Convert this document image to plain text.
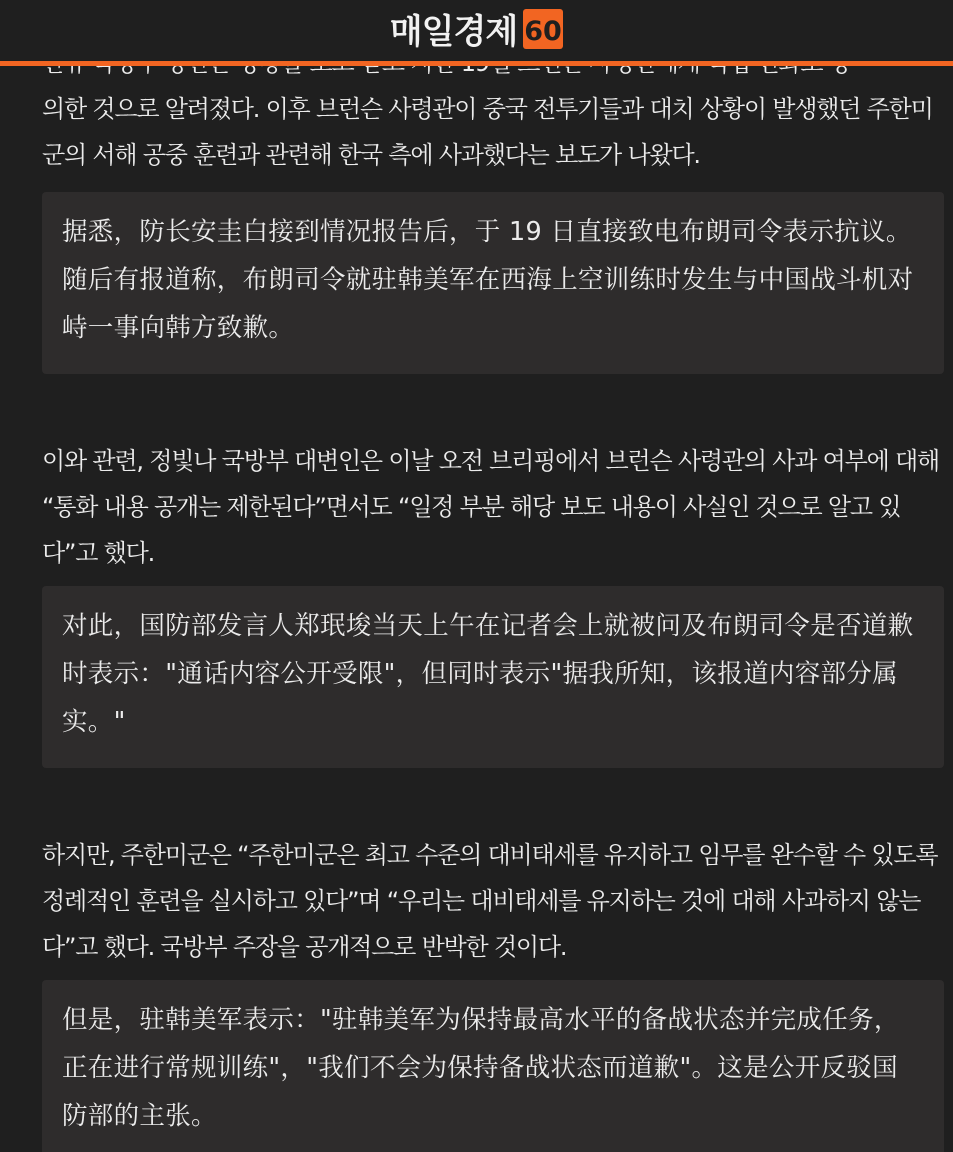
매일경제 60

의한 것으로 알려졌다. 이후 브런슨 사령관이 중국 전투기들과 대치 상황이 발생했던 주한미군의 서해 공중 훈련과 관련해 한국 측에 사과했다는 보도가 나왔다.

据悉，防长安圭白接到情况报告后，于 19 日直接致电布朗司令表示抗议。随后有报道称，布朗司令就驻韩美军在西海上空训练时发生与中国战斗机对峙一事向韩方致歉。

이와 관련, 정빛나 국방부 대변인은 이날 오전 브리핑에서 브런슨 사령관의 사과 여부에 대해 “통화 내용 공개는 제한된다”면서도 “일정 부분 해당 보도 내용이 사실인 것으로 알고 있다”고 했다.

对此，国防部发言人郑珉埈当天上午在记者会上就被问及布朗司令是否道歉时表示："通话内容公开受限"，但同时表示"据我所知，该报道内容部分属实。"

하지만, 주한미군은 “주한미군은 최고 수준의 대비태세를 유지하고 임무를 완수할 수 있도록 정례적인 훈련을 실시하고 있다”며 “우리는 대비태세를 유지하는 것에 대해 사과하지 않는다”고 했다. 국방부 주장을 공개적으로 반박한 것이다.

但是，驻韩美军表示："驻韩美军为保持最高水平的备战状态并完成任务，正在进行常规训练"，"我们不会为保持备战状态而道歉"。这是公开反驳国防部的主张。
